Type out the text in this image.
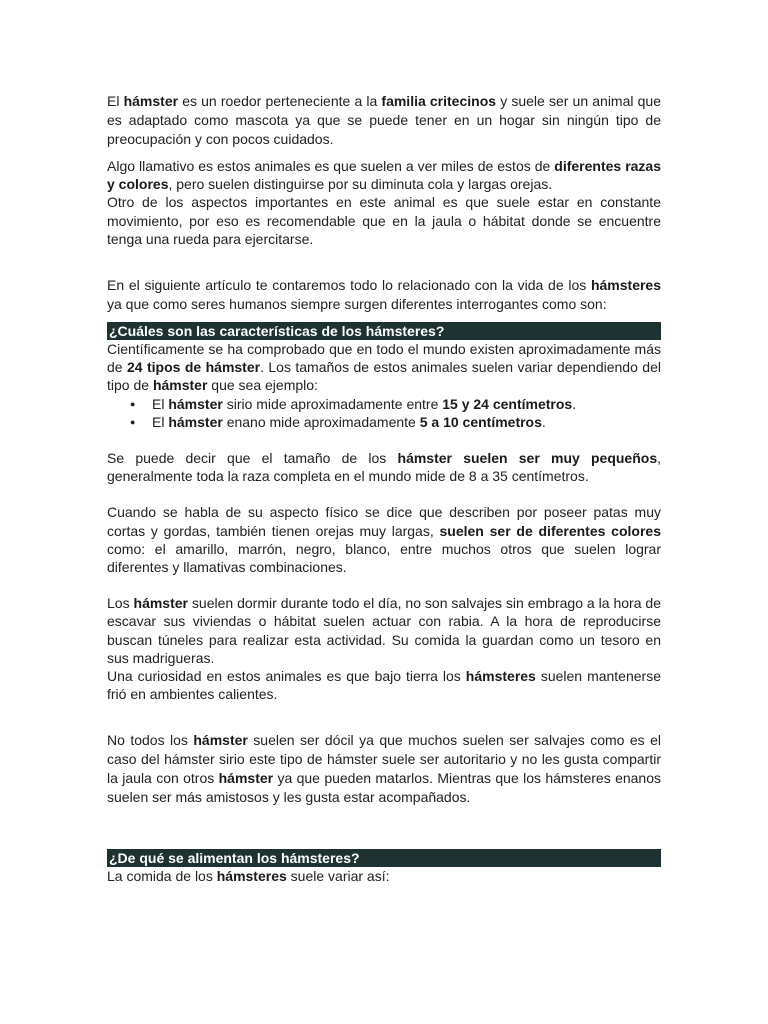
El hámster es un roedor perteneciente a la familia critecinos y suele ser un animal que es adaptado como mascota ya que se puede tener en un hogar sin ningún tipo de preocupación y con pocos cuidados.

Algo llamativo es estos animales es que suelen a ver miles de estos de diferentes razas y colores, pero suelen distinguirse por su diminuta cola y largas orejas.

Otro de los aspectos importantes en este animal es que suele estar en constante movimiento, por eso es recomendable que en la jaula o hábitat donde se encuentre tenga una rueda para ejercitarse.

En el siguiente artículo te contaremos todo lo relacionado con la vida de los hámsteres ya que como seres humanos siempre surgen diferentes interrogantes como son:

¿Cuáles son las características de los hámsteres?

Científicamente se ha comprobado que en todo el mundo existen aproximadamente más de 24 tipos de hámster. Los tamaños de estos animales suelen variar dependiendo del tipo de hámster que sea ejemplo:

● El hámster sirio mide aproximadamente entre 15 y 24 centímetros.
● El hámster enano mide aproximadamente 5 a 10 centímetros.

Se puede decir que el tamaño de los hámster suelen ser muy pequeños, generalmente toda la raza completa en el mundo mide de 8 a 35 centímetros.

Cuando se habla de su aspecto físico se dice que describen por poseer patas muy cortas y gordas, también tienen orejas muy largas, suelen ser de diferentes colores como: el amarillo, marrón, negro, blanco, entre muchos otros que suelen lograr diferentes y llamativas combinaciones.

Los hámster suelen dormir durante todo el día, no son salvajes sin embrago a la hora de escavar sus viviendas o hábitat suelen actuar con rabia. A la hora de reproducirse buscan túneles para realizar esta actividad. Su comida la guardan como un tesoro en sus madrigueras.

Una curiosidad en estos animales es que bajo tierra los hámsteres suelen mantenerse frió en ambientes calientes.

No todos los hámster suelen ser dócil ya que muchos suelen ser salvajes como es el caso del hámster sirio este tipo de hámster suele ser autoritario y no les gusta compartir la jaula con otros hámster ya que pueden matarlos. Mientras que los hámsteres enanos suelen ser más amistosos y les gusta estar acompañados.

¿De qué se alimentan los hámsteres?

La comida de los hámsteres suele variar así:
